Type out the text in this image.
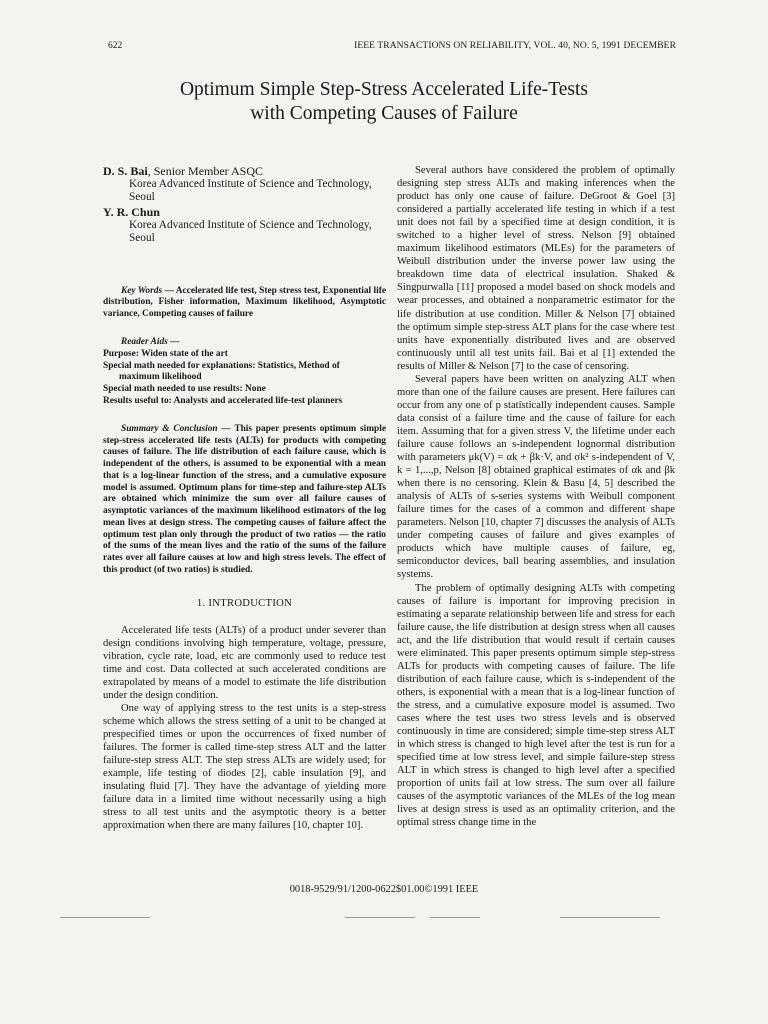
622	IEEE TRANSACTIONS ON RELIABILITY, VOL. 40, NO. 5, 1991 DECEMBER
Optimum Simple Step-Stress Accelerated Life-Tests
with Competing Causes of Failure
D. S. Bai, Senior Member ASQC
Korea Advanced Institute of Science and Technology,
Seoul
Y. R. Chun
Korea Advanced Institute of Science and Technology,
Seoul

Key Words — Accelerated life test, Step stress test, Exponential life distribution, Fisher information, Maximum likelihood, Asymptotic variance, Competing causes of failure

Reader Aids —
Purpose: Widen state of the art
Special math needed for explanations: Statistics, Method of
maximum likelihood
Special math needed to use results: None
Results useful to: Analysts and accelerated life-test planners

Summary & Conclusion — This paper presents optimum simple step-stress accelerated life tests (ALTs) for products with competing causes of failure. The life distribution of each failure cause, which is independent of the others, is assumed to be exponential with a mean that is a log-linear function of the stress, and a cumulative exposure model is assumed. Optimum plans for time-step and failure-step ALTs are obtained which minimize the sum over all failure causes of asymptotic variances of the maximum likelihood estimators of the log mean lives at design stress. The competing causes of failure affect the optimum test plan only through the product of two ratios — the ratio of the sums of the mean lives and the ratio of the sums of the failure rates over all failure causes at low and high stress levels. The effect of this product (of two ratios) is studied.

1. INTRODUCTION

Accelerated life tests (ALTs) of a product under severer than design conditions involving high temperature, voltage, pressure, vibration, cycle rate, load, etc are commonly used to reduce test time and cost. Data collected at such accelerated conditions are extrapolated by means of a model to estimate the life distribution under the design condition.

One way of applying stress to the test units is a step-stress scheme which allows the stress setting of a unit to be changed at prespecified times or upon the occurrences of fixed number of failures. The former is called time-step stress ALT and the latter failure-step stress ALT. The step stress ALTs are widely used; for example, life testing of diodes [2], cable insulation [9], and insulating fluid [7]. They have the advantage of yielding more failure data in a limited time without necessarily using a high stress to all test units and the asymptotic theory is a better approximation when there are many failures [10, chapter 10].

Several authors have considered the problem of optimally designing step stress ALTs and making inferences when the product has only one cause of failure. DeGroot & Goel [3] considered a partially accelerated life testing in which if a test unit does not fail by a specified time at design condition, it is switched to a higher level of stress. Nelson [9] obtained maximum likelihood estimators (MLEs) for the parameters of Weibull distribution under the inverse power law using the breakdown time data of electrical insulation. Shaked & Singpurwalla [11] proposed a model based on shock models and wear processes, and obtained a nonparametric estimator for the life distribution at use condition. Miller & Nelson [7] obtained the optimum simple step-stress ALT plans for the case where test units have exponentially distributed lives and are observed continuously until all test units fail. Bai et al [1] extended the results of Miller & Nelson [7] to the case of censoring.

Several papers have been written on analyzing ALT when more than one of the failure causes are present. Here failures can occur from any one of p statistically independent causes. Sample data consist of a failure time and the cause of failure for each item. Assuming that for a given stress V, the lifetime under each failure cause follows an s-independent lognormal distribution with parameters μk(V) = αk + βk·V, and σk² s-independent of V, k = 1,...,p, Nelson [8] obtained graphical estimates of αk and βk when there is no censoring. Klein & Basu [4, 5] described the analysis of ALTs of s-series systems with Weibull component failure times for the cases of a common and different shape parameters. Nelson [10, chapter 7] discusses the analysis of ALTs under competing causes of failure and gives examples of products which have multiple causes of failure, eg, semiconductor devices, ball bearing assemblies, and insulation systems.

The problem of optimally designing ALTs with competing causes of failure is important for improving precision in estimating a separate relationship between life and stress for each failure cause, the life distribution at design stress when all causes act, and the life distribution that would result if certain causes were eliminated. This paper presents optimum simple step-stress ALTs for products with competing causes of failure. The life distribution of each failure cause, which is s-independent of the others, is exponential with a mean that is a log-linear function of the stress, and a cumulative exposure model is assumed. Two cases where the test uses two stress levels and is observed continuously in time are considered; simple time-step stress ALT in which stress is changed to high level after the test is run for a specified time at low stress level, and simple failure-step stress ALT in which stress is changed to high level after a specified proportion of units fail at low stress. The sum over all failure causes of the asymptotic variances of the MLEs of the log mean lives at design stress is used as an optimality criterion, and the optimal stress change time in the

0018-9529/91/1200-0622$01.00©1991 IEEE
